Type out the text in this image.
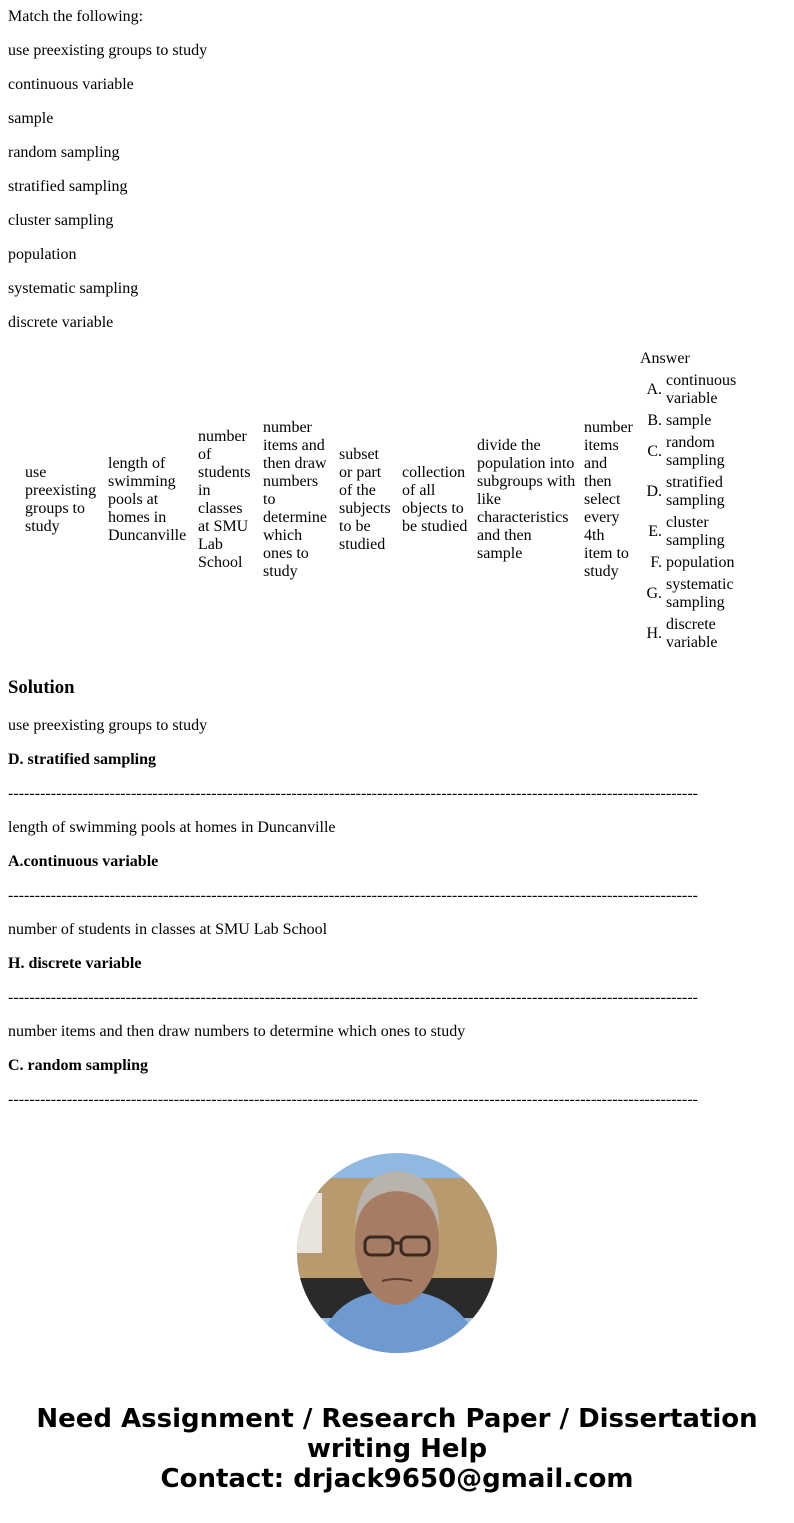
Match the following:
use preexisting groups to study
continuous variable
sample
random sampling
stratified sampling
cluster sampling
population
systematic sampling
discrete variable
use preexisting groups to study
length of swimming pools at homes in Duncanville
number of students in classes at SMU Lab School
number items and then draw numbers to determine which ones to study
subset or part of the subjects to be studied
collection of all objects to be studied
divide the population into subgroups with like characteristics and then sample
number items and then select every 4th item to study
Answer
A.
continuous variable
B. sample
C.
random sampling
D.
stratified sampling
E.
cluster sampling
F. population
G.
systematic sampling
H.
discrete variable
Solution
use preexisting groups to study
D. stratified sampling
---------------------------------------------------------------------------------------------------------------------------------
length of swimming pools at homes in Duncanville
A.continuous variable
---------------------------------------------------------------------------------------------------------------------------------
number of students in classes at SMU Lab School
H. discrete variable
---------------------------------------------------------------------------------------------------------------------------------
number items and then draw numbers to determine which ones to study
C. random sampling
---------------------------------------------------------------------------------------------------------------------------------
Need Assignment / Research Paper / Dissertation
writing Help
Contact: drjack9650@gmail.com
